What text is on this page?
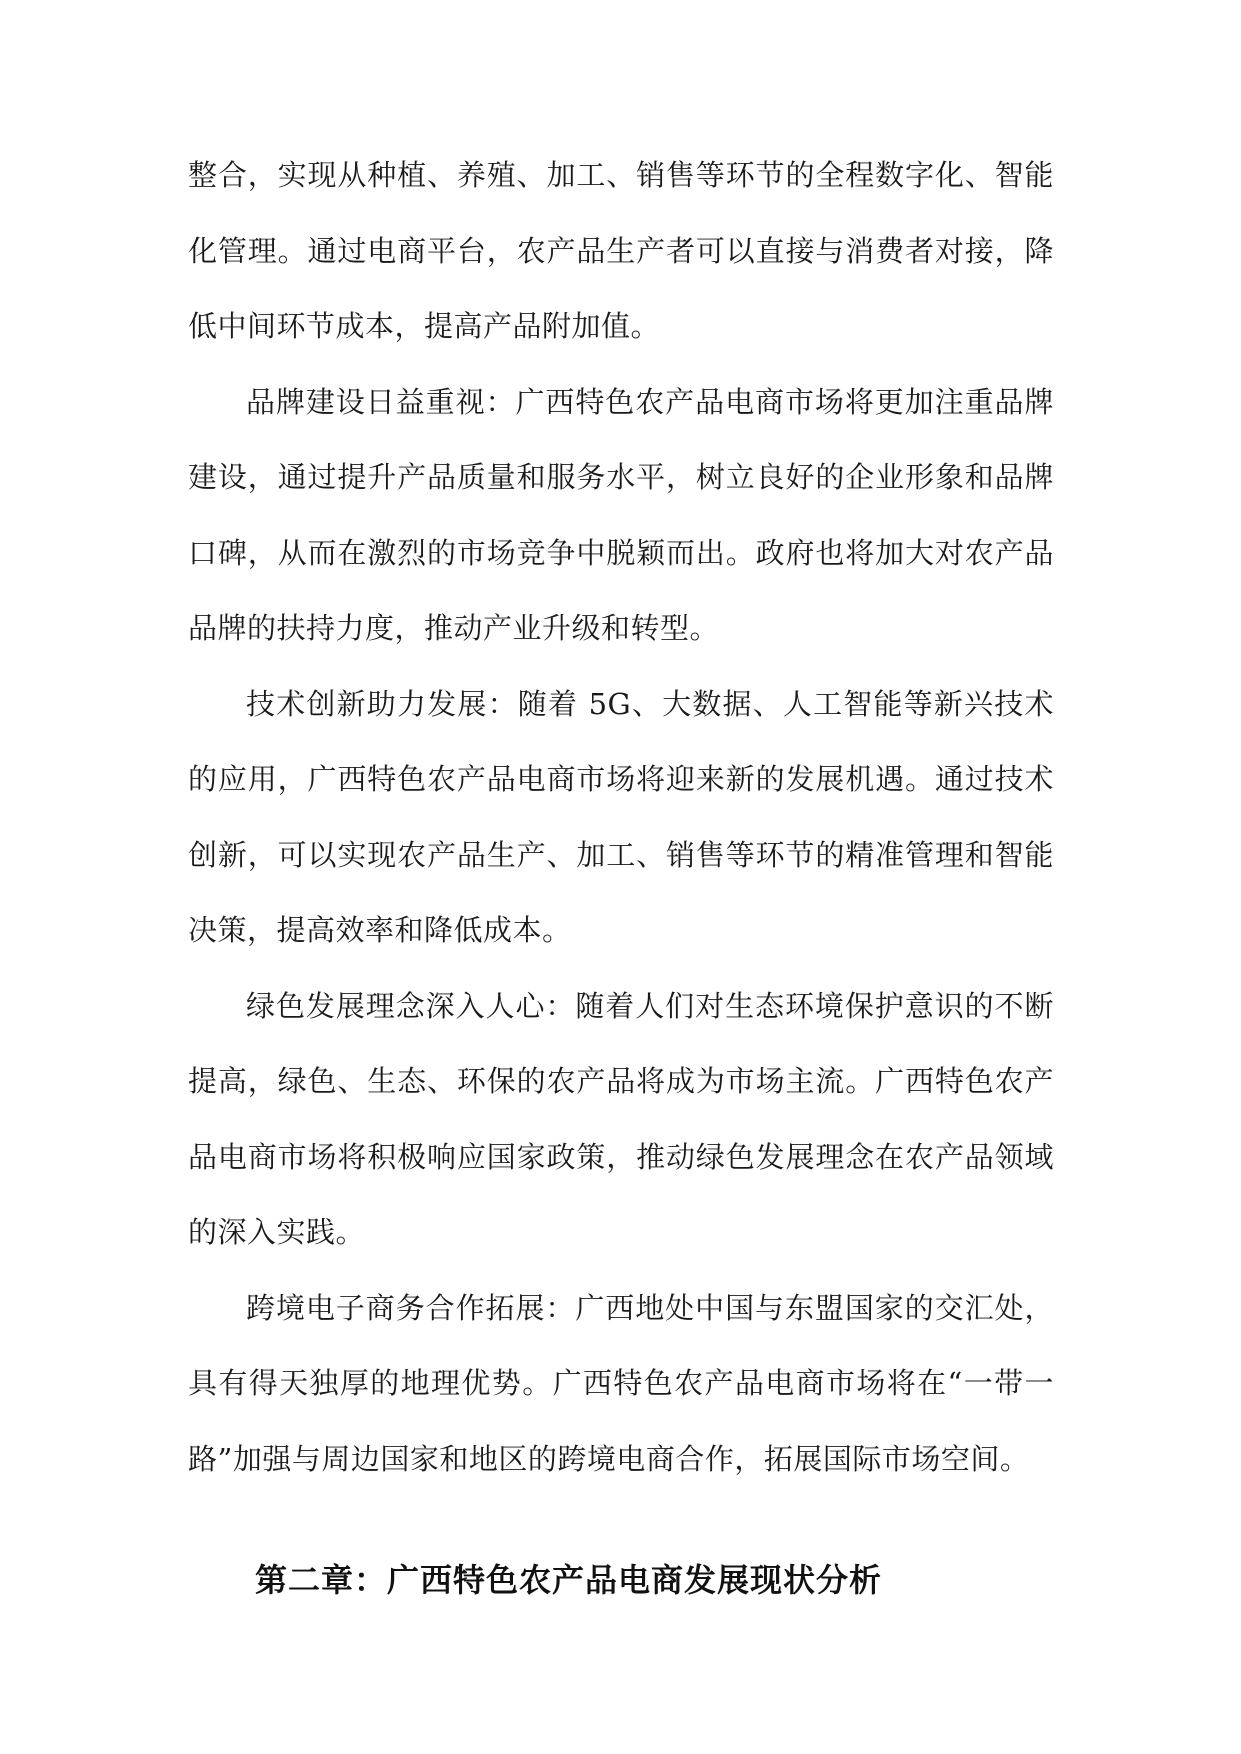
整合，实现从种植、养殖、加工、销售等环节的全程数字化、智能化管理。通过电商平台，农产品生产者可以直接与消费者对接，降低中间环节成本，提高产品附加值。

品牌建设日益重视：广西特色农产品电商市场将更加注重品牌建设，通过提升产品质量和服务水平，树立良好的企业形象和品牌口碑，从而在激烈的市场竞争中脱颖而出。政府也将加大对农产品品牌的扶持力度，推动产业升级和转型。

技术创新助力发展：随着 5G、大数据、人工智能等新兴技术的应用，广西特色农产品电商市场将迎来新的发展机遇。通过技术创新，可以实现农产品生产、加工、销售等环节的精准管理和智能决策，提高效率和降低成本。

绿色发展理念深入人心：随着人们对生态环境保护意识的不断提高，绿色、生态、环保的农产品将成为市场主流。广西特色农产品电商市场将积极响应国家政策，推动绿色发展理念在农产品领域的深入实践。

跨境电子商务合作拓展：广西地处中国与东盟国家的交汇处，具有得天独厚的地理优势。广西特色农产品电商市场将在“一带一路”加强与周边国家和地区的跨境电商合作，拓展国际市场空间。

第二章：广西特色农产品电商发展现状分析
